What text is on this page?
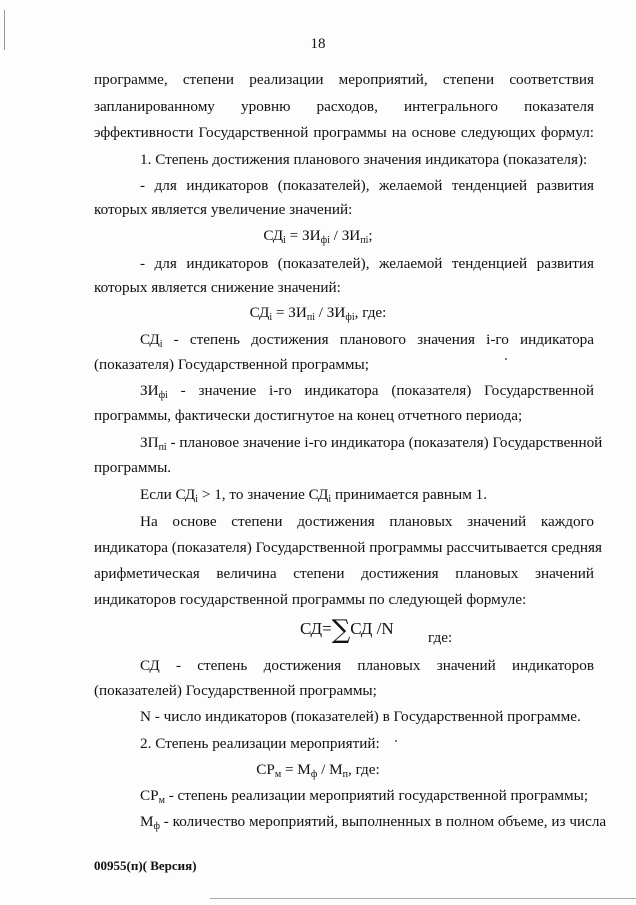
18
программе, степени реализации мероприятий, степени соответствия
запланированному уровню расходов, интегрального показателя
эффективности Государственной программы на основе следующих формул:
1. Степень достижения планового значения индикатора (показателя):
- для индикаторов (показателей), желаемой тенденцией развития
которых является увеличение значений:
$СД_i = ЗИ_{фi} / ЗИ_{пi}$;
- для индикаторов (показателей), желаемой тенденцией развития
которых является снижение значений:
$СД_i = ЗИ_{пi} / ЗИ_{фi}$, где:
$СД_i$ - степень достижения планового значения i-го индикатора
(показателя) Государственной программы;
$ЗИ_{фi}$ - значение i-го индикатора (показателя) Государственной
программы, фактически достигнутое на конец отчетного периода;
$ЗП_{пi}$ - плановое значение i-го индикатора (показателя) Государственной
программы.
Если $СД_i > 1$, то значение $СД_i$ принимается равным 1.
На основе степени достижения плановых значений каждого
индикатора (показателя) Государственной программы рассчитывается средняя
арифметическая величина степени достижения плановых значений
индикаторов государственной программы по следующей формуле:
СД=∑СД /N где:
СД - степень достижения плановых значений индикаторов
(показателей) Государственной программы;
N - число индикаторов (показателей) в Государственной программе.
2. Степень реализации мероприятий:
$СР_м = М_ф / М_п$, где:
$СР_м$ - степень реализации мероприятий государственной программы;
$М_ф$ - количество мероприятий, выполненных в полном объеме, из числа
00955(п)( Версия)
